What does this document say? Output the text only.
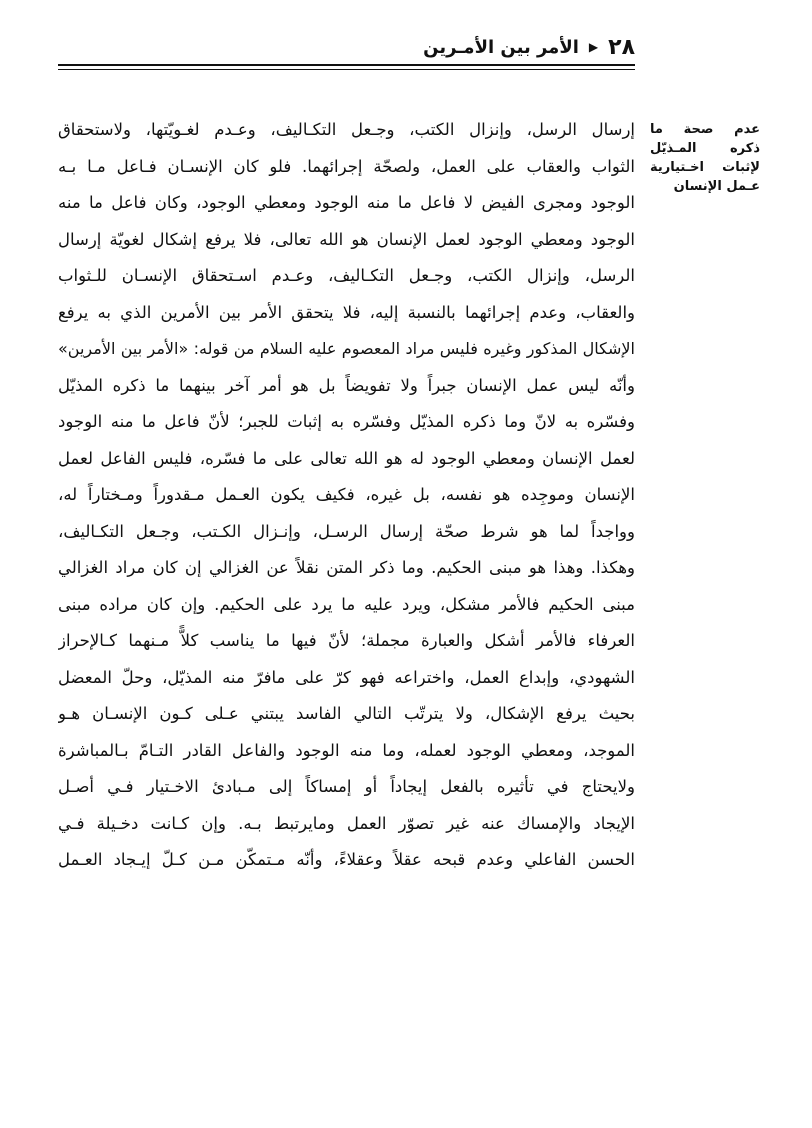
٢٨
▶
الأمر بين الأمـرين
عدم صحة ما ذكره المـذيّل لإثبات اخـتيارية عـمل الإنسان
إرسال الرسل، وإنزال الكتب، وجـعل التكـاليف، وعـدم لغـويّتها، ولاستحقاق
الثواب والعقاب على العمل، ولصحّة إجرائهما. فلو كان الإنسـان فـاعل مـا بـه
الوجود ومجرى الفيض لا فاعل ما منه الوجود ومعطي الوجود، وكان فاعل ما منه
الوجود ومعطي الوجود لعمل الإنسان هو الله تعالى، فلا يرفع إشكال لغويّة إرسال
الرسل، وإنزال الكتب، وجـعل التكـاليف، وعـدم اسـتحقاق الإنسـان للـثواب
والعقاب، وعدم إجرائهما بالنسبة إليه، فلا يتحقق الأمر بين الأمرين الذي به يرفع
الإشكال المذكور وغيره فليس مراد المعصوم عليه السلام من قوله: «الأمر بين الأمرين»
وأنّه ليس عمل الإنسان جبراً ولا تفويضاً بل هو أمر آخر بينهما ما ذكره المذيّل
وفسّره به لانّ وما ذكره المذيّل وفسّره به إثبات للجبر؛ لأنّ فاعل ما منه الوجود
لعمل الإنسان ومعطي الوجود له هو الله تعالى على ما فسّره، فليس الفاعل لعمل
الإنسان وموجِده هو نفسه، بل غيره، فكيف يكون العـمل مـقدوراً ومـختاراً له،
وواجداً لما هو شرط صحّة إرسال الرسـل، وإنـزال الكـتب، وجـعل التكـاليف،
وهكذا. وهذا هو مبنى الحكيم. وما ذكر المتن نقلاً عن الغزالي إن كان مراد الغزالي
مبنى الحكيم فالأمر مشكل، ويرد عليه ما يرد على الحكيم. وإن كان مراده مبنى
العرفاء فالأمر أشكل والعبارة مجملة؛ لأنّ فيها ما يناسب كلاًّ مـنهما كـالإحراز
الشهودي، وإبداع العمل، واختراعه فهو كرّ على مافرّ منه المذيّل، وحلّ المعضل
بحيث يرفع الإشكال، ولا يترتّب التالي الفاسد يبتني عـلى كـون الإنسـان هـو
الموجد، ومعطي الوجود لعمله، وما منه الوجود والفاعل القادر التـامّ بـالمباشرة
ولايحتاج في تأثيره بالفعل إيجاداً أو إمساكاً إلى مـبادئ الاخـتيار فـي أصـل
الإيجاد والإمساك عنه غير تصوّر العمل ومايرتبط بـه. وإن كـانت دخـيلة فـي
الحسن الفاعلي وعدم قبحه عقلاً وعقلاءً، وأنّه مـتمكّن مـن كـلّ إيـجاد العـمل
